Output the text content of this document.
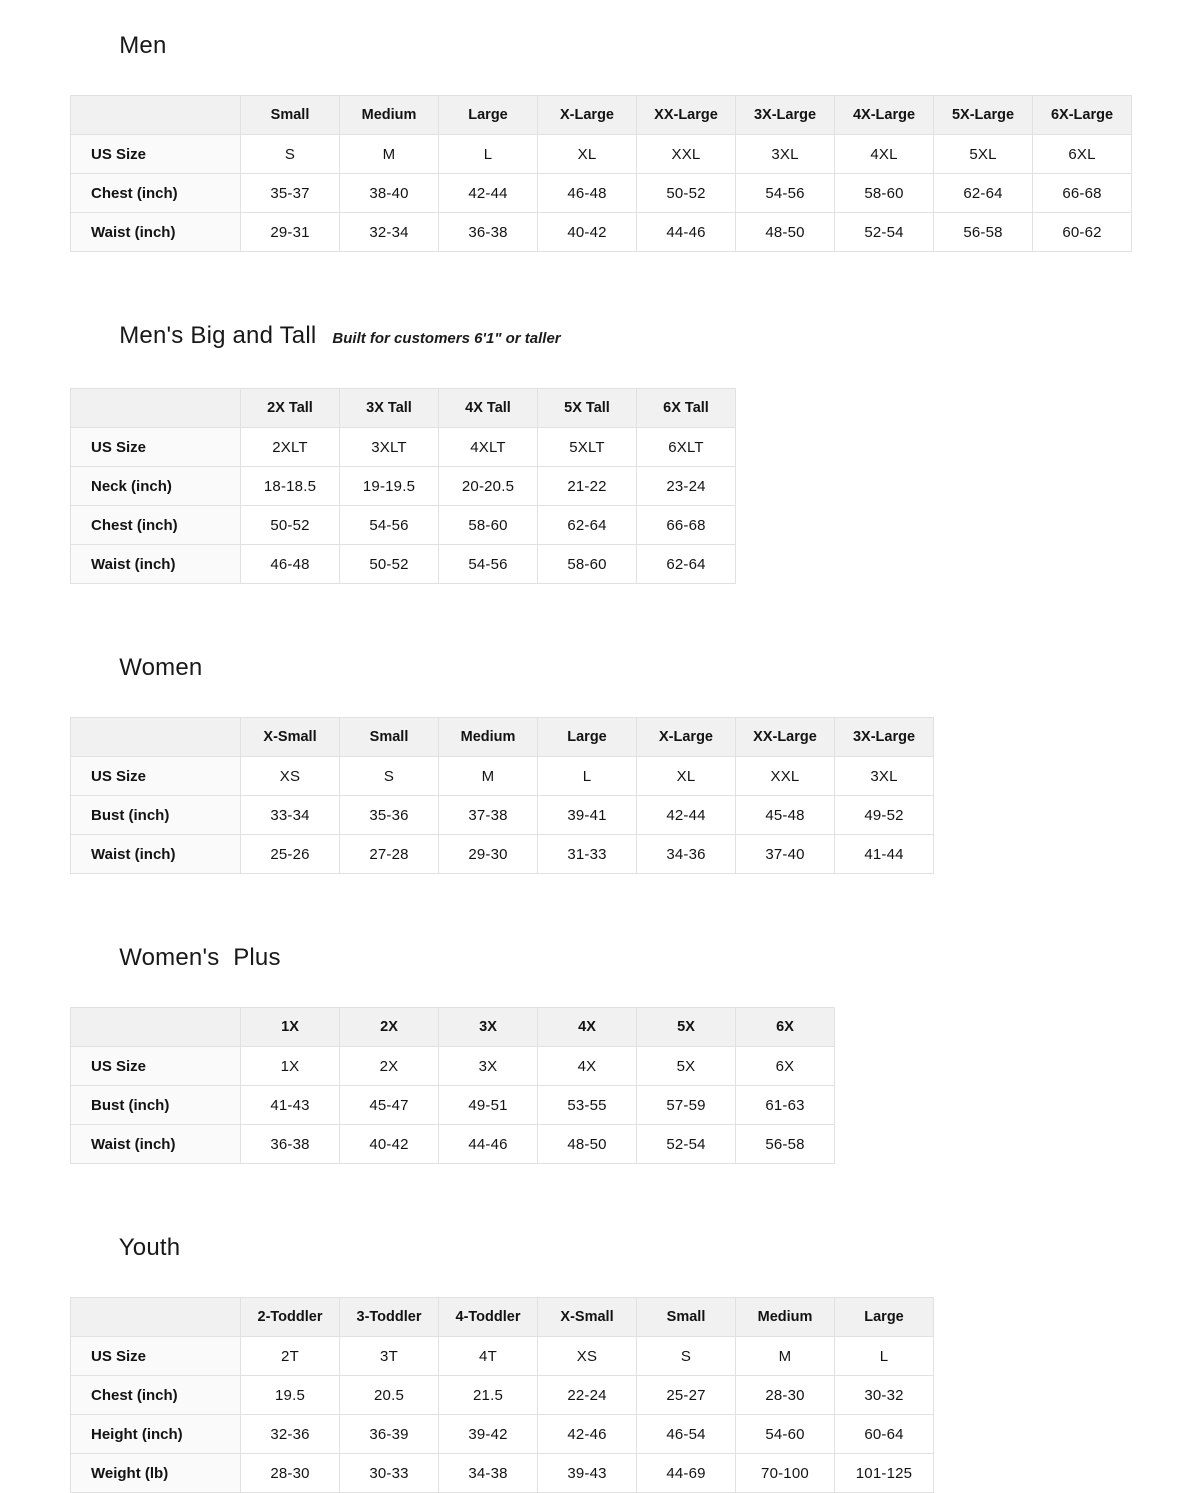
Men

	Small	Medium	Large	X-Large	XX-Large	3X-Large	4X-Large	5X-Large	6X-Large
US Size	S	M	L	XL	XXL	3XL	4XL	5XL	6XL
Chest (inch)	35-37	38-40	42-44	46-48	50-52	54-56	58-60	62-64	66-68
Waist (inch)	29-31	32-34	36-38	40-42	44-46	48-50	52-54	56-58	60-62

Men's Big and Tall Built for customers 6'1" or taller

	2X Tall	3X Tall	4X Tall	5X Tall	6X Tall
US Size	2XLT	3XLT	4XLT	5XLT	6XLT
Neck (inch)	18-18.5	19-19.5	20-20.5	21-22	23-24
Chest (inch)	50-52	54-56	58-60	62-64	66-68
Waist (inch)	46-48	50-52	54-56	58-60	62-64

Women

	X-Small	Small	Medium	Large	X-Large	XX-Large	3X-Large
US Size	XS	S	M	L	XL	XXL	3XL
Bust (inch)	33-34	35-36	37-38	39-41	42-44	45-48	49-52
Waist (inch)	25-26	27-28	29-30	31-33	34-36	37-40	41-44

Women's  Plus

	1X	2X	3X	4X	5X	6X
US Size	1X	2X	3X	4X	5X	6X
Bust (inch)	41-43	45-47	49-51	53-55	57-59	61-63
Waist (inch)	36-38	40-42	44-46	48-50	52-54	56-58

Youth

	2-Toddler	3-Toddler	4-Toddler	X-Small	Small	Medium	Large
US Size	2T	3T	4T	XS	S	M	L
Chest (inch)	19.5	20.5	21.5	22-24	25-27	28-30	30-32
Height (inch)	32-36	36-39	39-42	42-46	46-54	54-60	60-64
Weight (lb)	28-30	30-33	34-38	39-43	44-69	70-100	101-125
